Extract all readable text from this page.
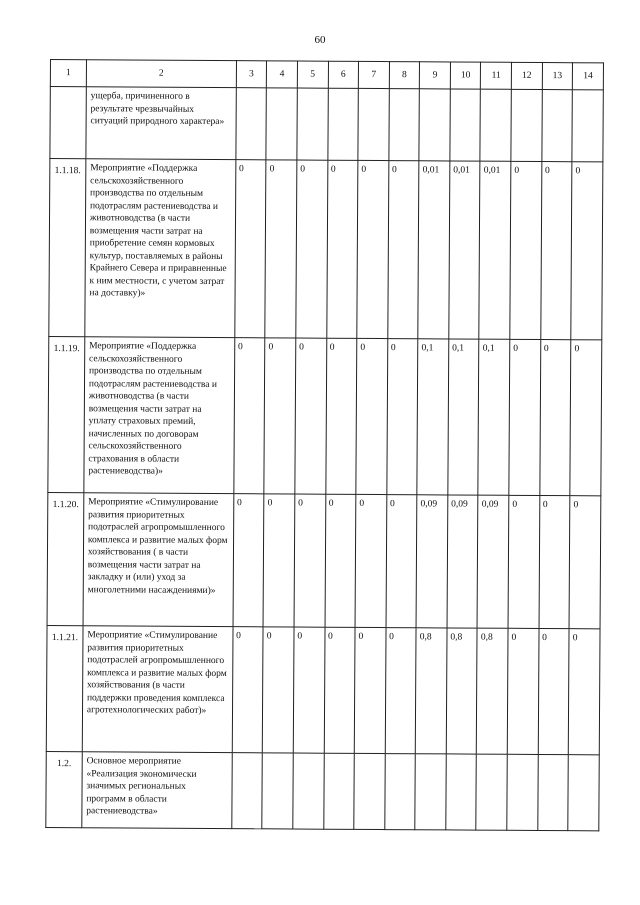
60
1	2	3	4	5	6	7	8	9	10	11	12	13	14
	ущерба, причиненного в результате чрезвычайных ситуаций природного характера»												
1.1.18.	Мероприятие «Поддержка сельскохозяйственного производства по отдельным подотраслям растениеводства и животноводства (в части возмещения части затрат на приобретение семян кормовых культур, поставляемых в районы Крайнего Севера и приравненные к ним местности, с учетом затрат на доставку)»	0	0	0	0	0	0	0,01	0,01	0,01	0	0	0
1.1.19.	Мероприятие «Поддержка сельскохозяйственного производства по отдельным подотраслям растениеводства и животноводства (в части возмещения части затрат на уплату страховых премий, начисленных по договорам сельскохозяйственного страхования в области растениеводства)»	0	0	0	0	0	0	0,1	0,1	0,1	0	0	0
1.1.20.	Мероприятие «Стимулирование развития приоритетных подотраслей агропромышленного комплекса и развитие малых форм хозяйствования ( в части возмещения части затрат на закладку и (или) уход за многолетними насаждениями)»	0	0	0	0	0	0	0,09	0,09	0,09	0	0	0
1.1.21.	Мероприятие «Стимулирование развития приоритетных подотраслей агропромышленного комплекса и развитие малых форм хозяйствования (в части поддержки проведения комплекса агротехнологических работ)»	0	0	0	0	0	0	0,8	0,8	0,8	0	0	0
1.2.	Основное мероприятие «Реализация экономически значимых региональных программ в области растениеводства»												
